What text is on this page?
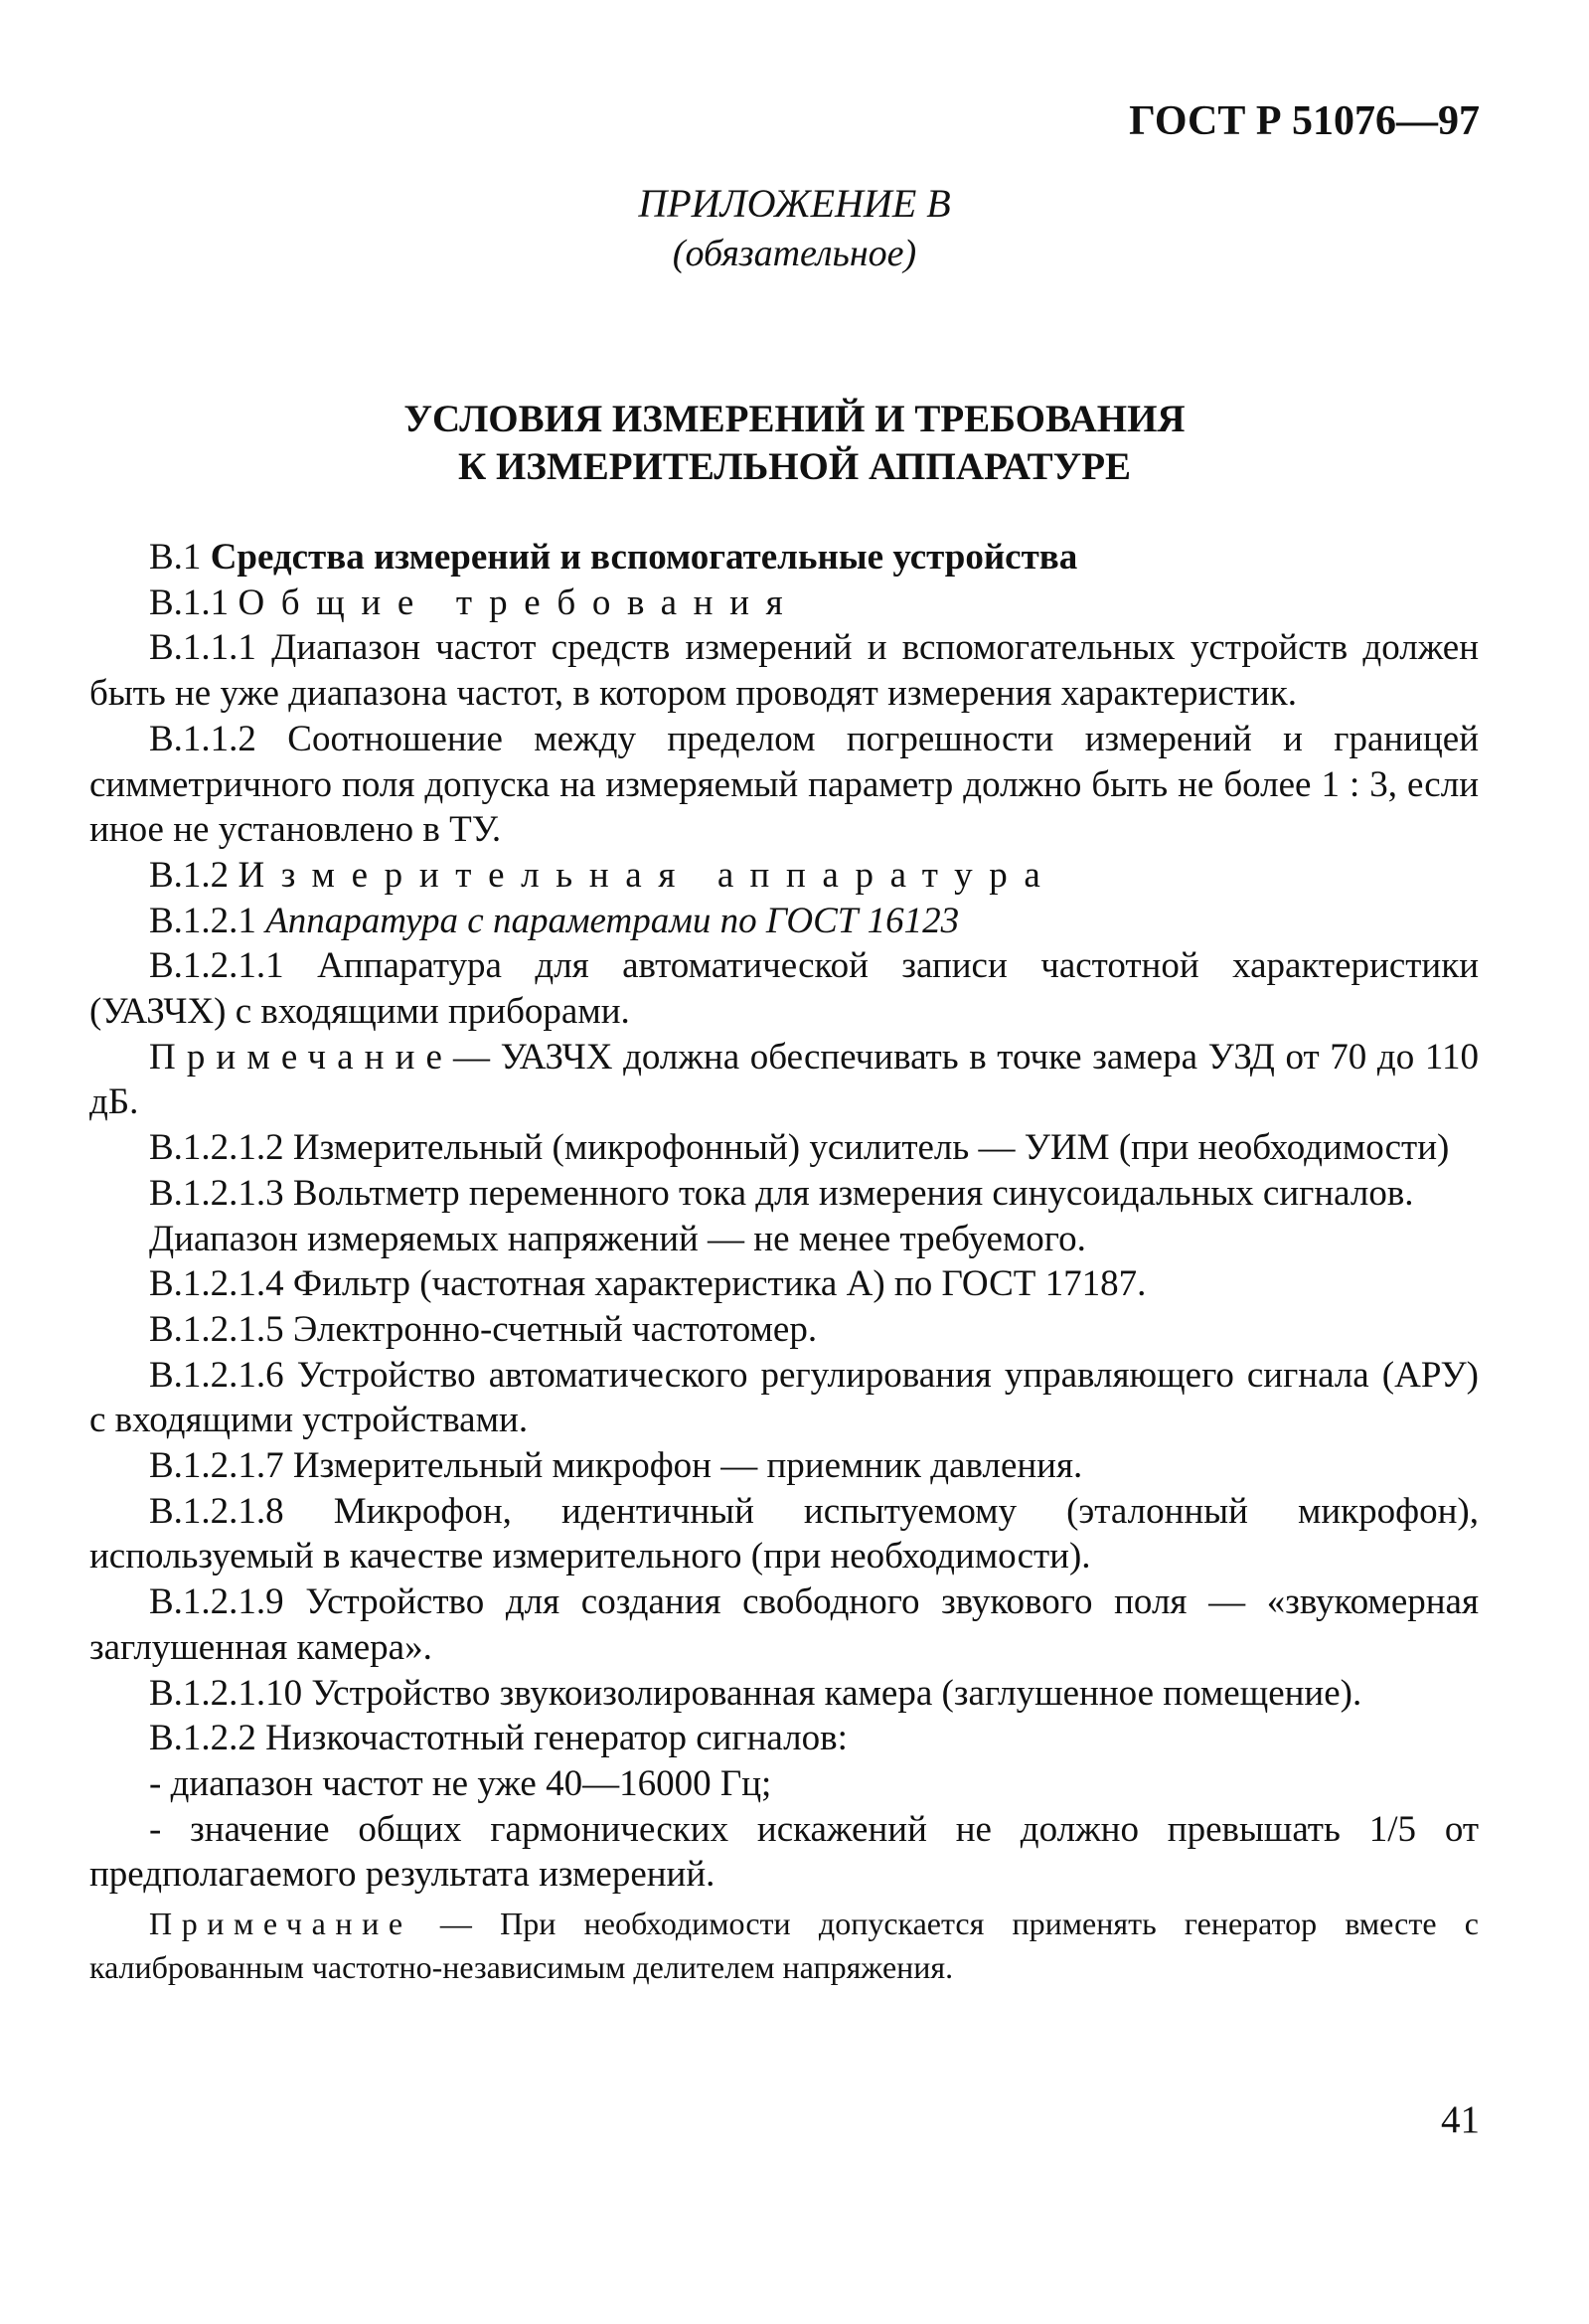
ГОСТ Р 51076—97

ПРИЛОЖЕНИЕ В
(обязательное)
УСЛОВИЯ ИЗМЕРЕНИЙ И ТРЕБОВАНИЯ
К ИЗМЕРИТЕЛЬНОЙ АППАРАТУРЕ

В.1 Средства измерений и вспомогательные устройства

В.1.1 Общие требования

В.1.1.1 Диапазон частот средств измерений и вспомогательных устройств должен быть не уже диапазона частот, в котором проводят измерения характеристик.

В.1.1.2 Соотношение между пределом погрешности измерений и границей симметричного поля допуска на измеряемый параметр должно быть не более 1 : 3, если иное не установлено в ТУ.

В.1.2 Измерительная аппаратура

В.1.2.1 Аппаратура с параметрами по ГОСТ 16123

В.1.2.1.1 Аппаратура для автоматической записи частотной характеристики (УАЗЧХ) с входящими приборами.

Примечание— УАЗЧХ должна обеспечивать в точке замера УЗД от 70 до 110 дБ.

В.1.2.1.2 Измерительный (микрофонный) усилитель — УИМ (при необходимости)

В.1.2.1.3 Вольтметр переменного тока для измерения синусоидальных сигналов.

Диапазон измеряемых напряжений — не менее требуемого.

В.1.2.1.4 Фильтр (частотная характеристика А) по ГОСТ 17187.

В.1.2.1.5 Электронно-счетный частотомер.

В.1.2.1.6 Устройство автоматического регулирования управляющего сигнала (АРУ) с входящими устройствами.

В.1.2.1.7 Измерительный микрофон — приемник давления.

В.1.2.1.8 Микрофон, идентичный испытуемому (эталонный микрофон), используемый в качестве измерительного (при необходимости).

В.1.2.1.9 Устройство для создания свободного звукового поля — «звукомерная заглушенная камера».

В.1.2.1.10 Устройство звукоизолированная камера (заглушенное помещение).

В.1.2.2 Низкочастотный генератор сигналов:

- диапазон частот не уже 40—16000 Гц;

- значение общих гармонических искажений не должно превышать 1/5 от предполагаемого результата измерений.

Примечание — При необходимости допускается применять генератор вместе с калиброванным частотно-независимым делителем напряжения.

41
